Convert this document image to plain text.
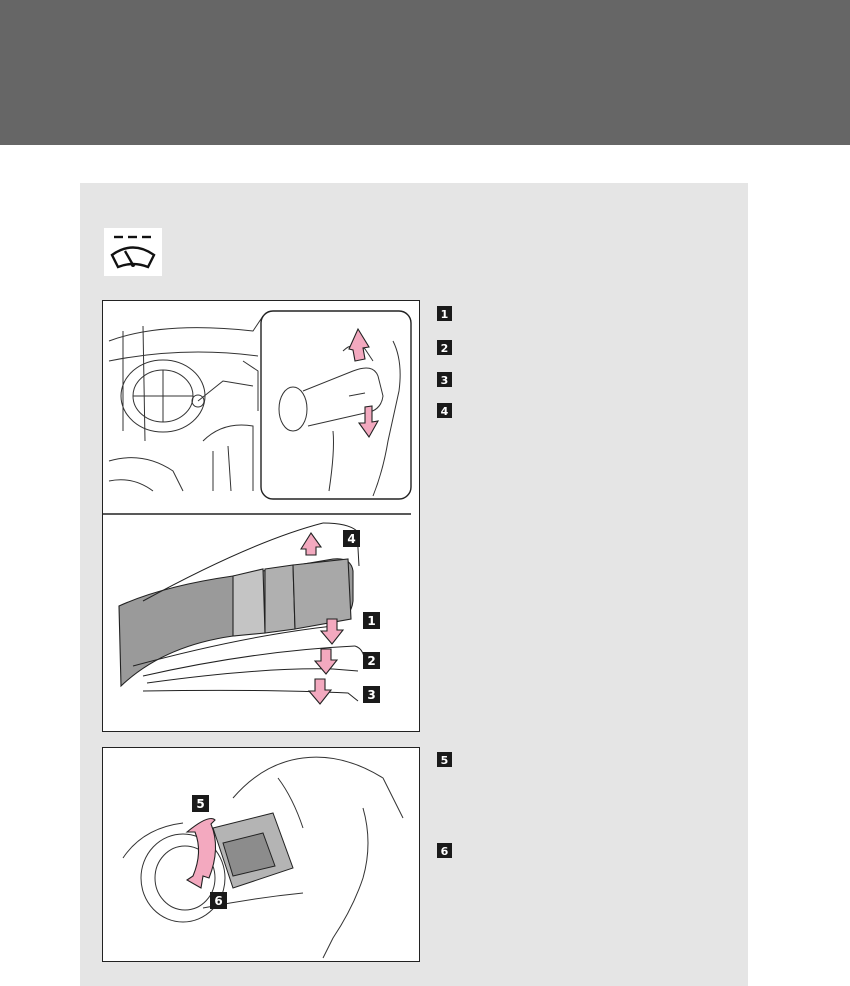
4
1
2
3
5
6
1
2
3
4
5
6
